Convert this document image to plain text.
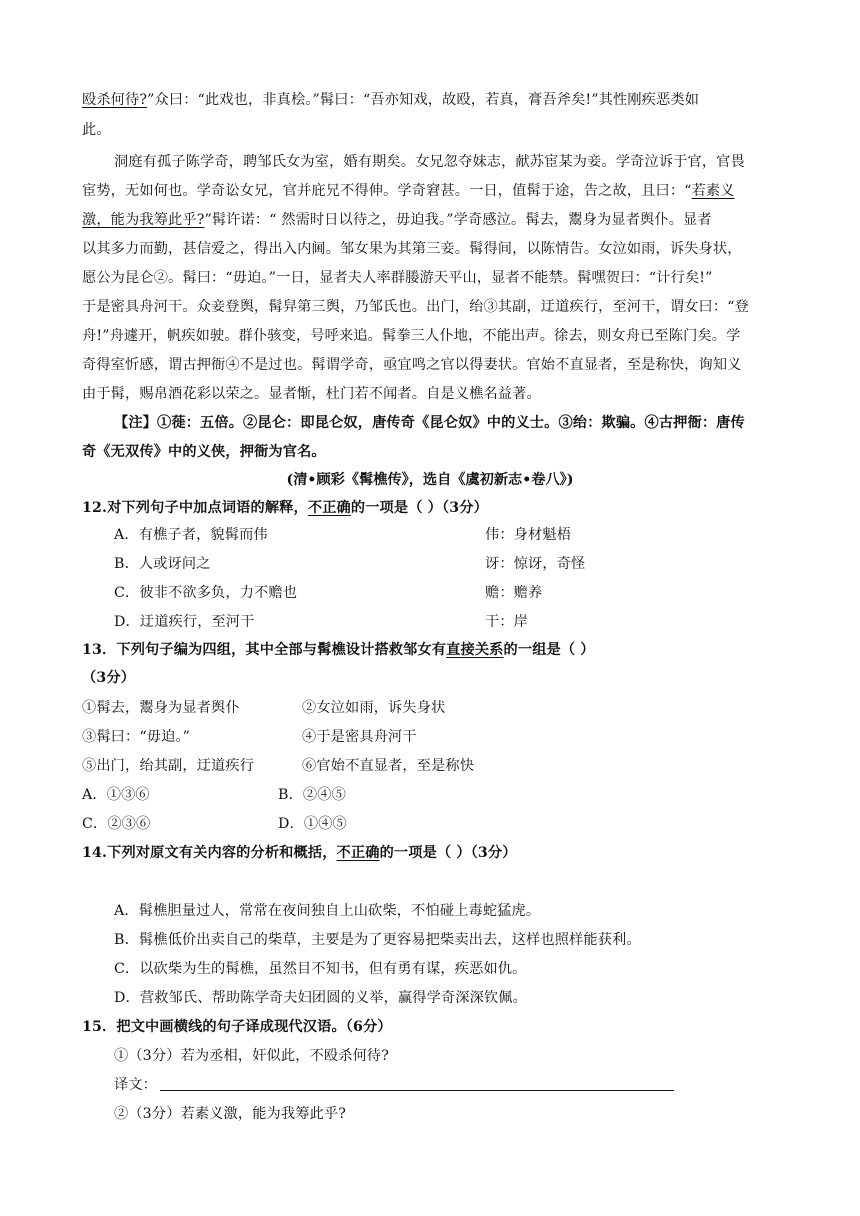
殴杀何待?”众曰：“此戏也，非真桧。”髯曰：“吾亦知戏，故殴，若真，膏吾斧矣!”其性刚疾恶类如
此。
洞庭有孤子陈学奇，聘邹氏女为室，婚有期矣。女兄忽夺妹志，献苏宦某为妾。学奇泣诉于官，官畏
宦势，无如何也。学奇讼女兄，官并庇兄不得伸。学奇窘甚。一日，值髯于途，告之故，且曰：“若素义
激，能为我筹此乎?”髯许诺：“ 然需时日以待之，毋迫我。”学奇感泣。髯去，鬻身为显者舆仆。显者
以其多力而勤，甚信爱之，得出入内阃。邹女果为其第三妾。髯得间，以陈情告。女泣如雨，诉失身状，
愿公为昆仑②。髯曰：“毋迫。”一日，显者夫人率群媵游天平山，显者不能禁。髯嘿贺曰：“计行矣!”
于是密具舟河干。众妾登舆，髯舁第三舆，乃邹氏也。出门，绐③其副，迂道疾行，至河干，谓女曰：“登
舟!”舟遽开，帆疾如驶。群仆骇变，号呼来追。髯拳三人仆地，不能出声。徐去，则女舟已至陈门矣。学
奇得室忻感，谓古押衙④不是过也。髯谓学奇，亟宜鸣之官以得妻状。官始不直显者，至是称快，询知义
由于髯，赐帛酒花彩以荣之。显者惭，杜门若不闻者。自是义樵名益著。
【注】①蓰：五倍。②昆仑：即昆仑奴，唐传奇《昆仑奴》中的义士。③绐：欺骗。④古押衙：唐传
奇《无双传》中的义侠，押衙为官名。
(清•顾彩《髯樵传》，选自《虞初新志•卷八》)
12.对下列句子中加点词语的解释，不正确的一项是（ ）（3分）
A．有樵子者，貌髯而伟	伟：身材魁梧
B．人或讶问之	讶：惊讶，奇怪
C．彼非不欲多负，力不赡也	赡：赡养
D．迂道疾行，至河干	干：岸
13．下列句子编为四组，其中全部与髯樵设计搭救邹女有直接关系的一组是（ ）
（3分）
①髯去，鬻身为显者舆仆	②女泣如雨，诉失身状
③髯曰：“毋迫。”	④于是密具舟河干
⑤出门，绐其副，迂道疾行	⑥官始不直显者，至是称快
A．①③⑥	B．②④⑤
C．②③⑥	D．①④⑤
14.下列对原文有关内容的分析和概括，不正确的一项是（ ）（3分）
A．髯樵胆量过人，常常在夜间独自上山砍柴，不怕碰上毒蛇猛虎。
B．髯樵低价出卖自己的柴草，主要是为了更容易把柴卖出去，这样也照样能获利。
C．以砍柴为生的髯樵，虽然目不知书，但有勇有谋，疾恶如仇。
D．营救邹氏、帮助陈学奇夫妇团圆的义举，赢得学奇深深钦佩。
15．把文中画横线的句子译成现代汉语。（6分）
①（3分）若为丞相，奸似此，不殴杀何待?
译文：
②（3分）若素义激，能为我筹此乎?
